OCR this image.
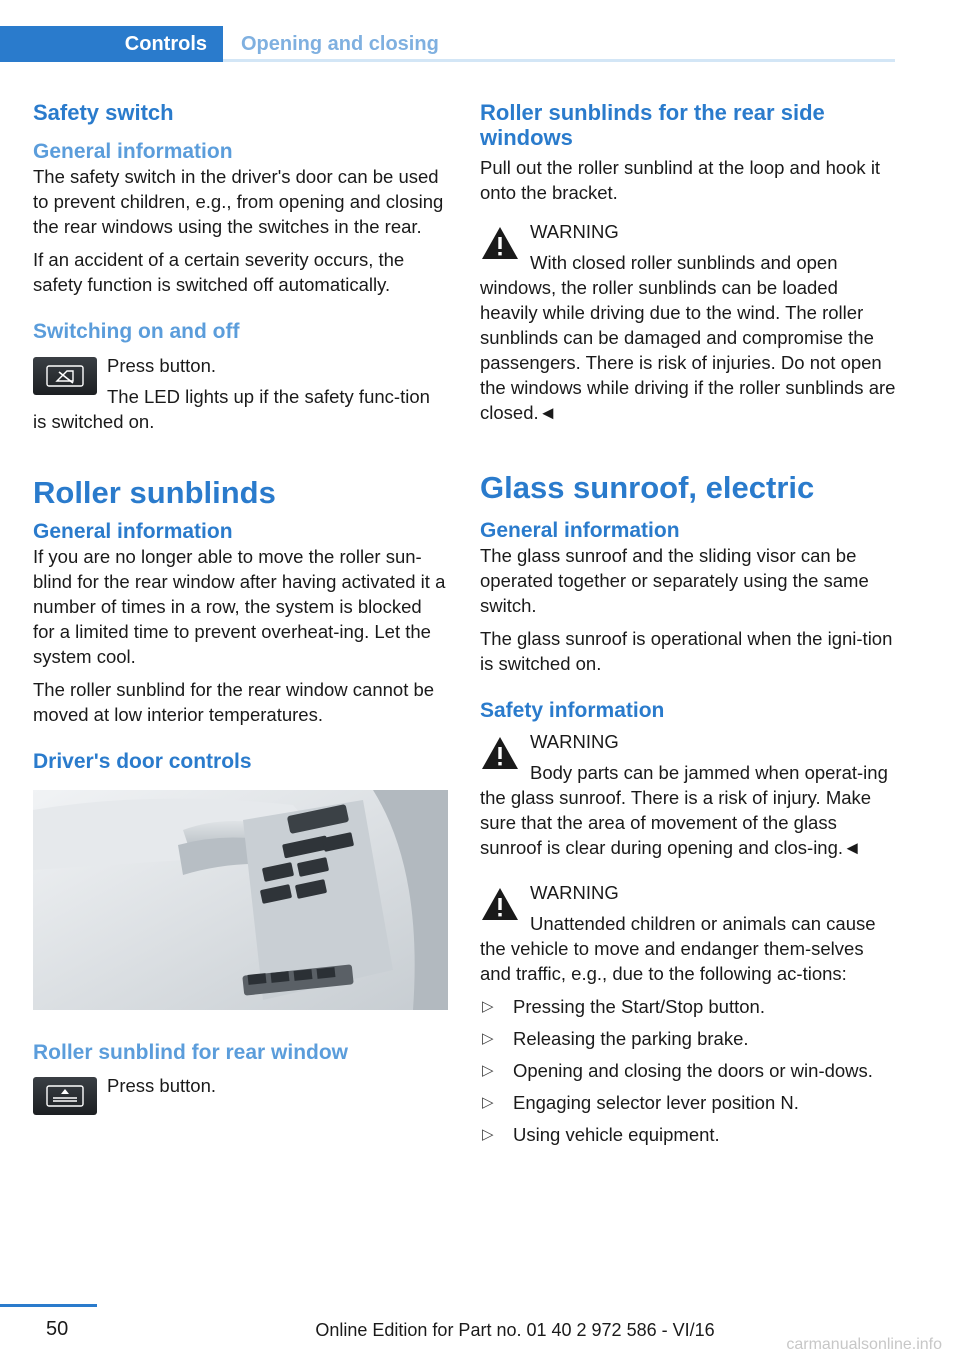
Controls Opening and closing
Safety switch
General information

The safety switch in the driver's door can be used to prevent children, e.g., from opening and closing the rear windows using the switches in the rear.

If an accident of a certain severity occurs, the safety function is switched off automatically.

Switching on and off

Press button.

The LED lights up if the safety func‐tion is switched on.

Roller sunblinds
General information

If you are no longer able to move the roller sun‐blind for the rear window after having activated it a number of times in a row, the system is blocked for a limited time to prevent overheat‐ing. Let the system cool.

The roller sunblind for the rear window cannot be moved at low interior temperatures.

Driver's door controls
Roller sunblind for rear window

Press button.

Roller sunblinds for the rear side windows

Pull out the roller sunblind at the loop and hook it onto the bracket.

WARNING

With closed roller sunblinds and open windows, the roller sunblinds can be loaded heavily while driving due to the wind. The roller sunblinds can be damaged and compromise the passengers. There is risk of injuries. Do not open the windows while driving if the roller sunblinds are closed.◄

Glass sunroof, electric
General information

The glass sunroof and the sliding visor can be operated together or separately using the same switch.

The glass sunroof is operational when the igni‐tion is switched on.

Safety information

WARNING

Body parts can be jammed when operat‐ing the glass sunroof. There is a risk of injury. Make sure that the area of movement of the glass sunroof is clear during opening and clos‐ing.◄

WARNING

Unattended children or animals can cause the vehicle to move and endanger them‐selves and traffic, e.g., due to the following ac‐tions:

▷ Pressing the Start/Stop button.
▷ Releasing the parking brake.
▷ Opening and closing the doors or win‐dows.
▷ Engaging selector lever position N.
▷ Using vehicle equipment.
50	Online Edition for Part no. 01 40 2 972 586 - VI/16
carmanualsonline.info
